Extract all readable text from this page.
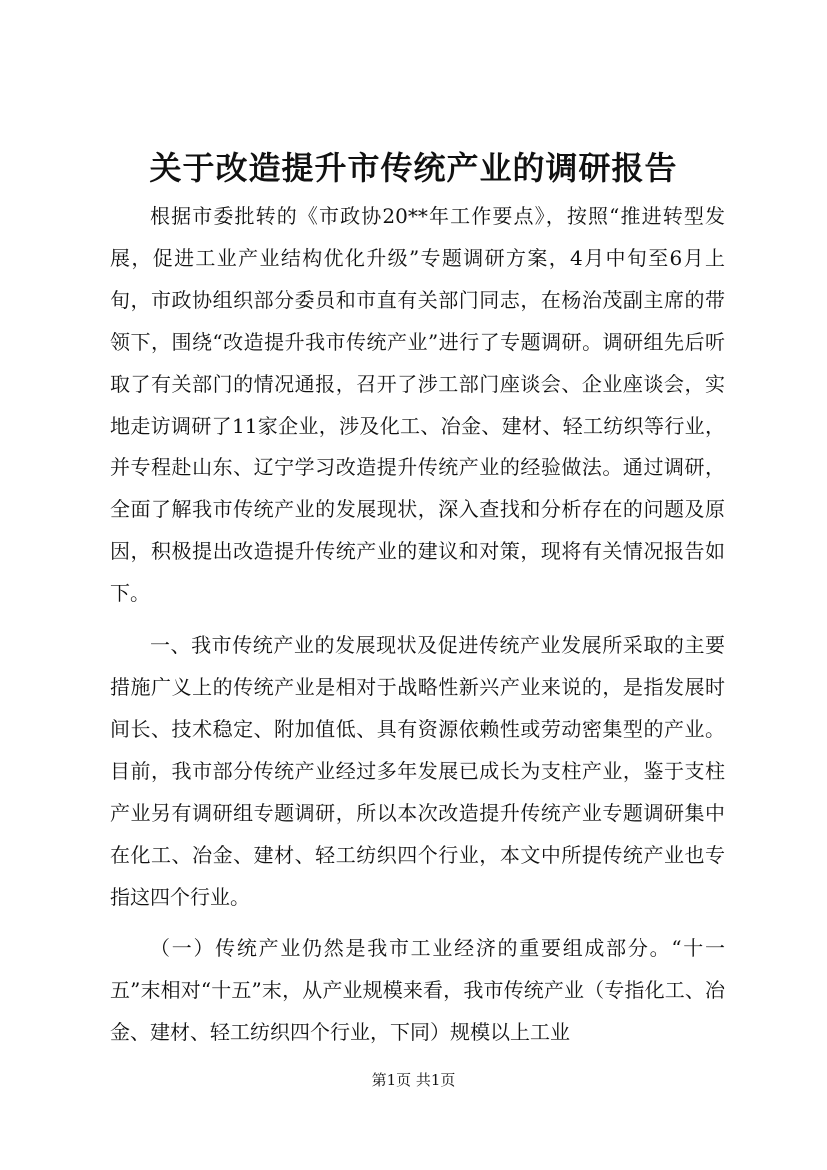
关于改造提升市传统产业的调研报告

根据市委批转的《市政协20**年工作要点》，按照“推进转型发展，促进工业产业结构优化升级”专题调研方案，4月中旬至6月上旬，市政协组织部分委员和市直有关部门同志，在杨治茂副主席的带领下，围绕“改造提升我市传统产业”进行了专题调研。调研组先后听取了有关部门的情况通报，召开了涉工部门座谈会、企业座谈会，实地走访调研了11家企业，涉及化工、冶金、建材、轻工纺织等行业，并专程赴山东、辽宁学习改造提升传统产业的经验做法。通过调研，全面了解我市传统产业的发展现状，深入查找和分析存在的问题及原因，积极提出改造提升传统产业的建议和对策，现将有关情况报告如下。

一、我市传统产业的发展现状及促进传统产业发展所采取的主要措施广义上的传统产业是相对于战略性新兴产业来说的，是指发展时间长、技术稳定、附加值低、具有资源依赖性或劳动密集型的产业。目前，我市部分传统产业经过多年发展已成长为支柱产业，鉴于支柱产业另有调研组专题调研，所以本次改造提升传统产业专题调研集中在化工、冶金、建材、轻工纺织四个行业，本文中所提传统产业也专指这四个行业。

（一）传统产业仍然是我市工业经济的重要组成部分。“十一五”末相对“十五”末，从产业规模来看，我市传统产业（专指化工、冶金、建材、轻工纺织四个行业，下同）规模以上工业

第1页 共1页
